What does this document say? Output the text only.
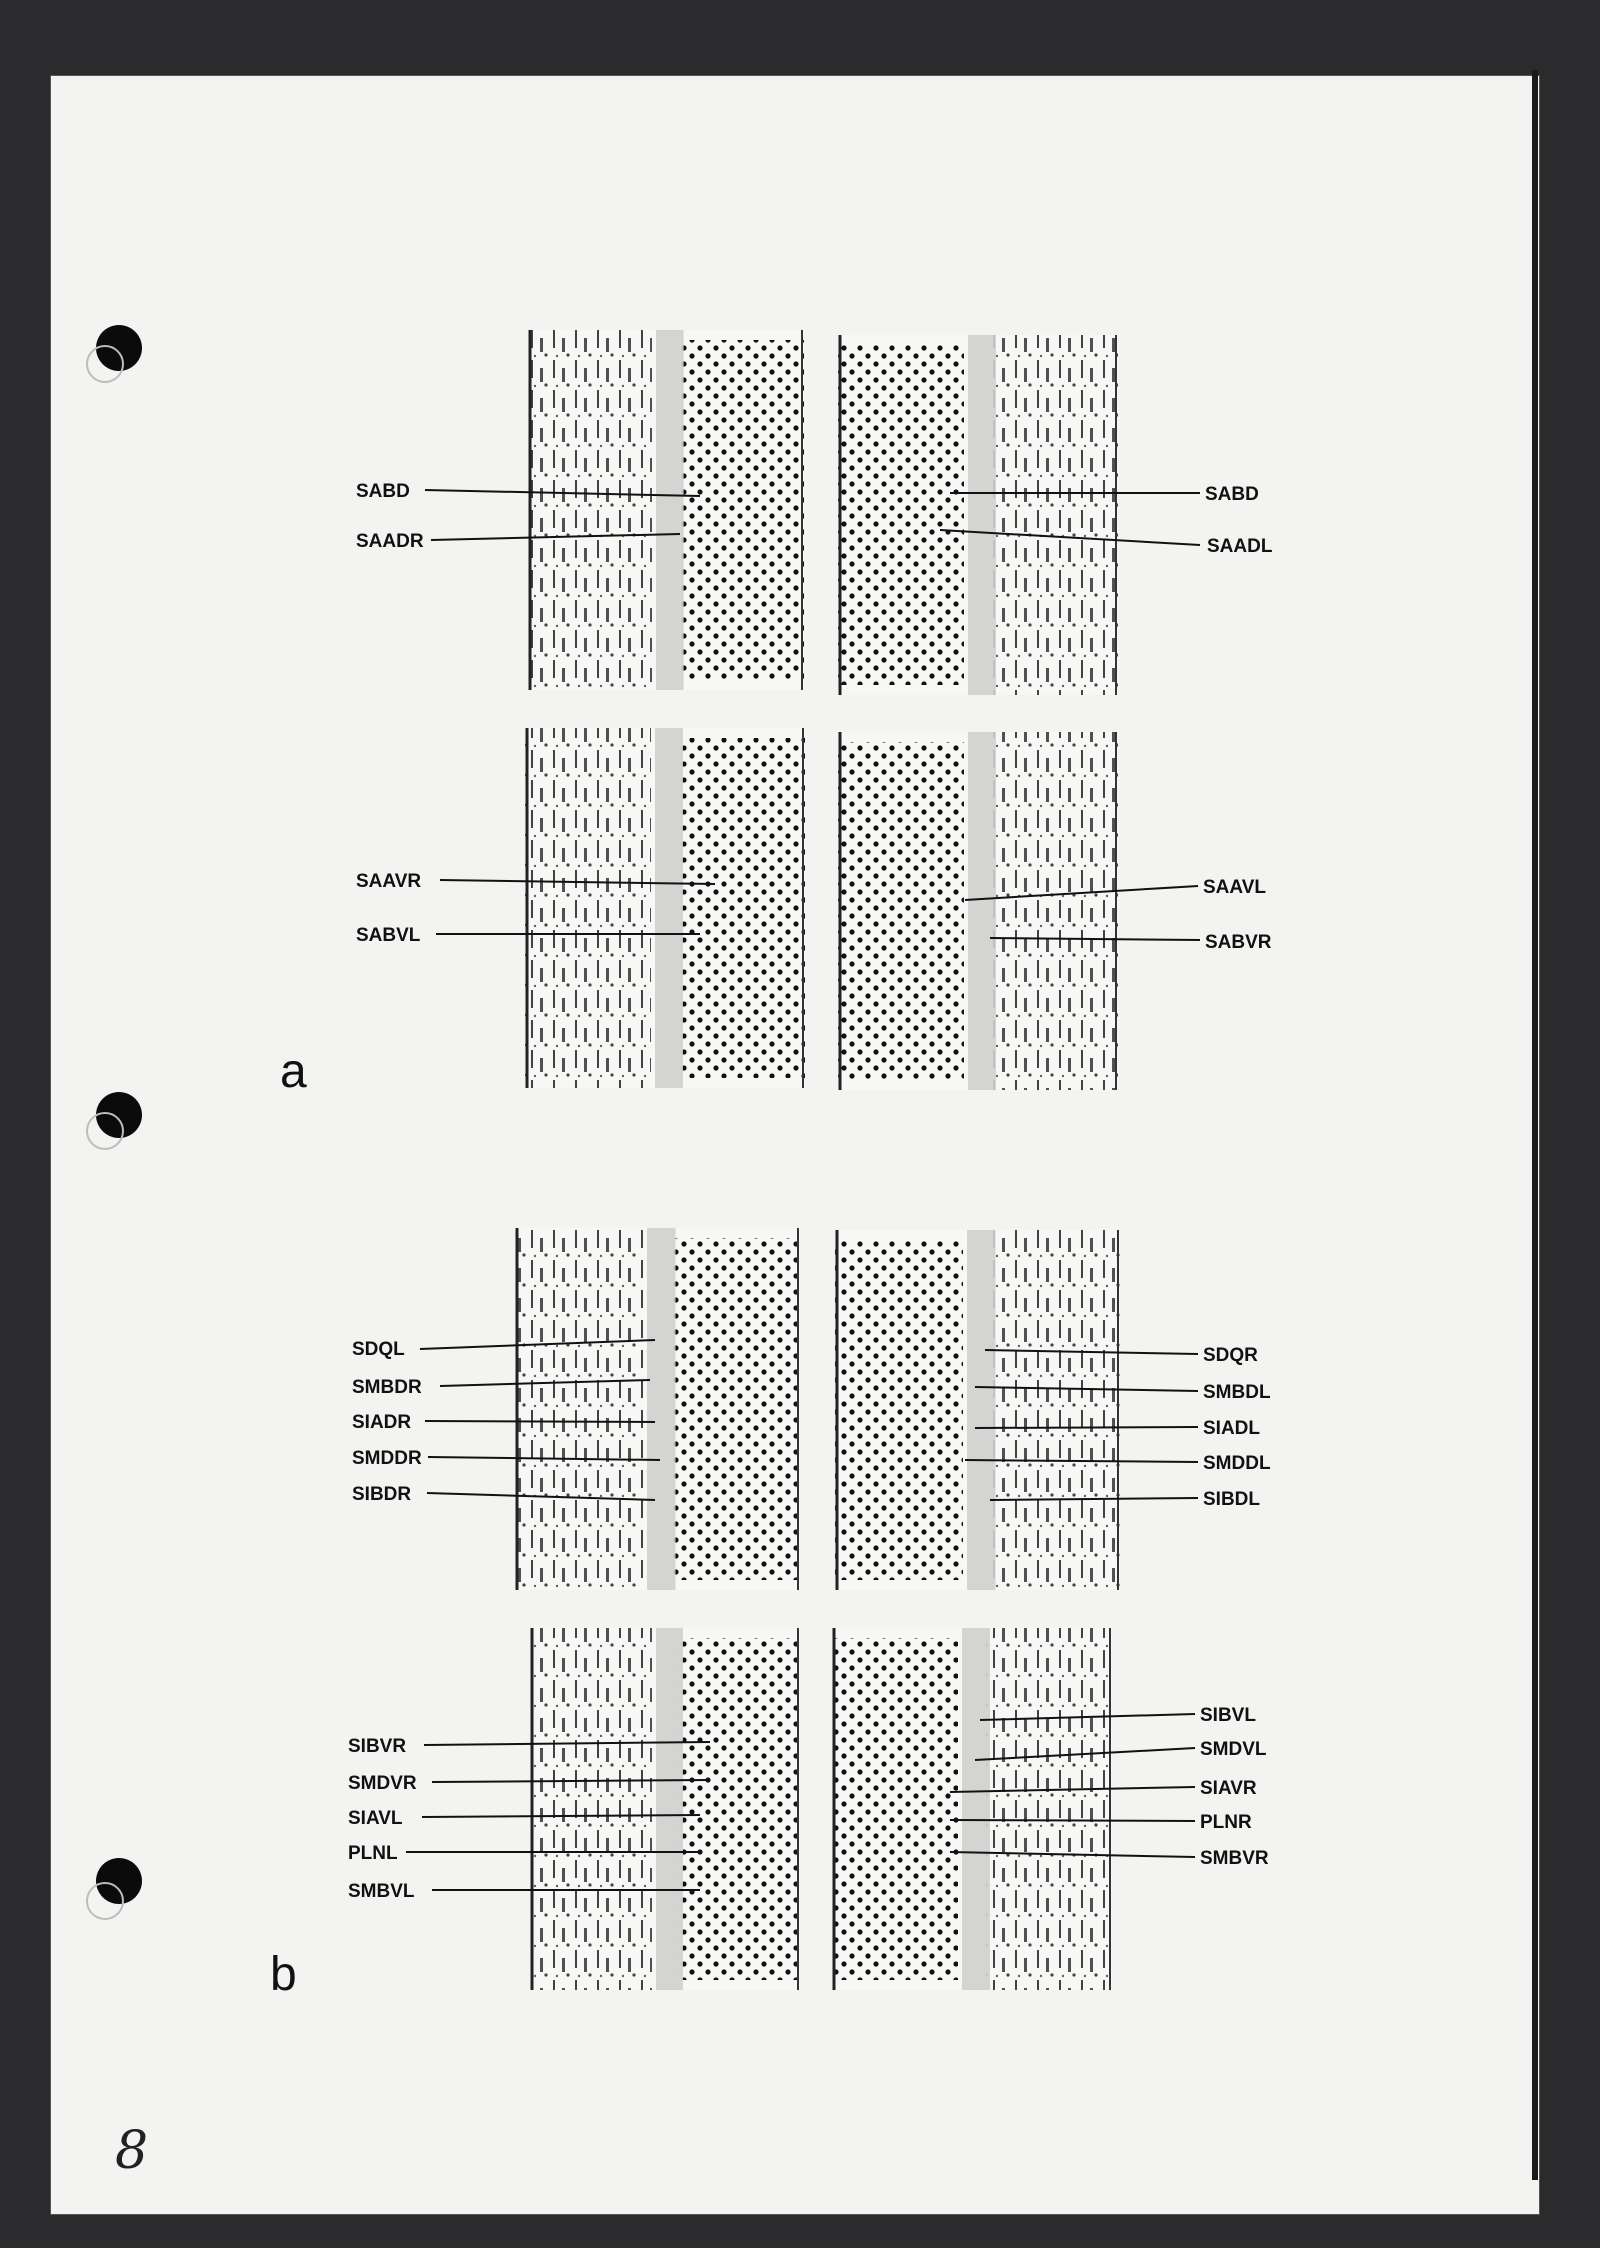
a
b
8
SABD
SAADR
SABD
SAADL
SAAVR
SABVL
SAAVL
SABVR
SDQL
SMBDR
SIADR
SMDDR
SIBDR
SDQR
SMBDL
SIADL
SMDDL
SIBDL
SIBVR
SMDVR
SIAVL
PLNL
SMBVL
SIBVL
SMDVL
SIAVR
PLNR
SMBVR
